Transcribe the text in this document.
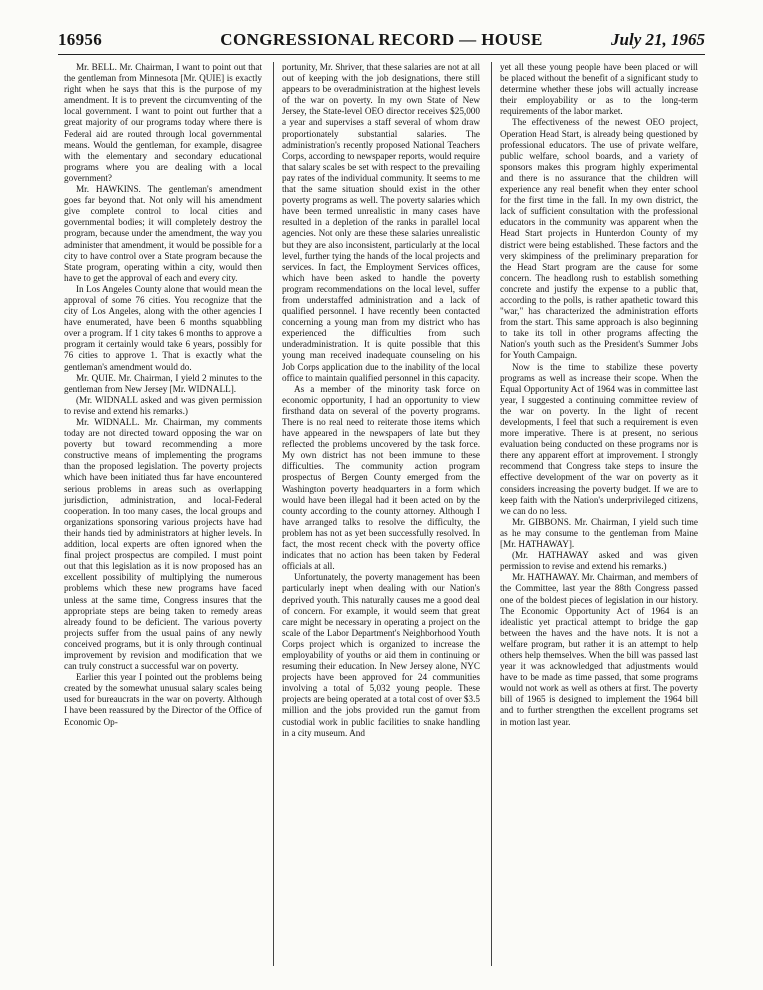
CONGRESSIONAL RECORD — HOUSE
16956	July 21, 1965

Mr. BELL. Mr. Chairman, I want to point out that the gentleman from Minnesota [Mr. QUIE] is exactly right when he says that this is the purpose of my amendment. It is to prevent the circumventing of the local government. I want to point out further that a great majority of our programs today where there is Federal aid are routed through local governmental means. Would the gentleman, for example, disagree with the elementary and secondary educational programs where you are dealing with a local government?

Mr. HAWKINS. The gentleman's amendment goes far beyond that. Not only will his amendment give complete control to local cities and governmental bodies; it will completely destroy the program, because under the amendment, the way you administer that amendment, it would be possible for a city to have control over a State program because the State program, operating within a city, would then have to get the approval of each and every city.

In Los Angeles County alone that would mean the approval of some 76 cities. You recognize that the city of Los Angeles, along with the other agencies I have enumerated, have been 6 months squabbling over a program. If 1 city takes 6 months to approve a program it certainly would take 6 years, possibly for 76 cities to approve 1. That is exactly what the gentleman's amendment would do.

Mr. QUIE. Mr. Chairman, I yield 2 minutes to the gentleman from New Jersey [Mr. WIDNALL].

(Mr. WIDNALL asked and was given permission to revise and extend his remarks.)

Mr. WIDNALL. Mr. Chairman, my comments today are not directed toward opposing the war on poverty but toward recommending a more constructive means of implementing the programs than the proposed legislation. The poverty projects which have been initiated thus far have encountered serious problems in areas such as overlapping jurisdiction, administration, and local-Federal cooperation. In too many cases, the local groups and organizations sponsoring various projects have had their hands tied by administrators at higher levels. In addition, local experts are often ignored when the final project prospectus are compiled. I must point out that this legislation as it is now proposed has an excellent possibility of multiplying the numerous problems which these new programs have faced unless at the same time, Congress insures that the appropriate steps are being taken to remedy areas already found to be deficient. The various poverty projects suffer from the usual pains of any newly conceived programs, but it is only through continual improvement by revision and modification that we can truly construct a successful war on poverty.

Earlier this year I pointed out the problems being created by the somewhat unusual salary scales being used for bureaucrats in the war on poverty. Although I have been reassured by the Director of the Office of Economic Op-

portunity, Mr. Shriver, that these salaries are not at all out of keeping with the job designations, there still appears to be overadministration at the highest levels of the war on poverty. In my own State of New Jersey, the State-level OEO director receives $25,000 a year and supervises a staff several of whom draw proportionately substantial salaries. The administration's recently proposed National Teachers Corps, according to newspaper reports, would require that salary scales be set with respect to the prevailing pay rates of the individual community. It seems to me that the same situation should exist in the other poverty programs as well. The poverty salaries which have been termed unrealistic in many cases have resulted in a depletion of the ranks in parallel local agencies. Not only are these these salaries unrealistic but they are also inconsistent, particularly at the local level, further tying the hands of the local projects and services. In fact, the Employment Services offices, which have been asked to handle the poverty program recommendations on the local level, suffer from understaffed administration and a lack of qualified personnel. I have recently been contacted concerning a young man from my district who has experienced the difficulties from such underadministration. It is quite possible that this young man received inadequate counseling on his Job Corps application due to the inability of the local office to maintain qualified personnel in this capacity.

As a member of the minority task force on economic opportunity, I had an opportunity to view firsthand data on several of the poverty programs. There is no real need to reiterate those items which have appeared in the newspapers of late but they reflected the problems uncovered by the task force. My own district has not been immune to these difficulties. The community action program prospectus of Bergen County emerged from the Washington poverty headquarters in a form which would have been illegal had it been acted on by the county according to the county attorney. Although I have arranged talks to resolve the difficulty, the problem has not as yet been successfully resolved. In fact, the most recent check with the poverty office indicates that no action has been taken by Federal officials at all.

Unfortunately, the poverty management has been particularly inept when dealing with our Nation's deprived youth. This naturally causes me a good deal of concern. For example, it would seem that great care might be necessary in operating a project on the scale of the Labor Department's Neighborhood Youth Corps project which is organized to increase the employability of youths or aid them in continuing or resuming their education. In New Jersey alone, NYC projects have been approved for 24 communities involving a total of 5,032 young people. These projects are being operated at a total cost of over $3.5 million and the jobs provided run the gamut from custodial work in public facilities to snake handling in a city museum. And

yet all these young people have been placed or will be placed without the benefit of a significant study to determine whether these jobs will actually increase their employability or as to the long-term requirements of the labor market.

The effectiveness of the newest OEO project, Operation Head Start, is already being questioned by professional educators. The use of private welfare, public welfare, school boards, and a variety of sponsors makes this program highly experimental and there is no assurance that the children will experience any real benefit when they enter school for the first time in the fall. In my own district, the lack of sufficient consultation with the professional educators in the community was apparent when the Head Start projects in Hunterdon County of my district were being established. These factors and the very skimpiness of the preliminary preparation for the Head Start program are the cause for some concern. The headlong rush to establish something concrete and justify the expense to a public that, according to the polls, is rather apathetic toward this "war," has characterized the administration efforts from the start. This same approach is also beginning to take its toll in other programs affecting the Nation's youth such as the President's Summer Jobs for Youth Campaign.

Now is the time to stabilize these poverty programs as well as increase their scope. When the Equal Opportunity Act of 1964 was in committee last year, I suggested a continuing committee review of the war on poverty. In the light of recent developments, I feel that such a requirement is even more imperative. There is at present, no serious evaluation being conducted on these programs nor is there any apparent effort at improvement. I strongly recommend that Congress take steps to insure the effective development of the war on poverty as it considers increasing the poverty budget. If we are to keep faith with the Nation's underprivileged citizens, we can do no less.

Mr. GIBBONS. Mr. Chairman, I yield such time as he may consume to the gentleman from Maine [Mr. HATHAWAY].

(Mr. HATHAWAY asked and was given permission to revise and extend his remarks.)

Mr. HATHAWAY. Mr. Chairman, and members of the Committee, last year the 88th Congress passed one of the boldest pieces of legislation in our history. The Economic Opportunity Act of 1964 is an idealistic yet practical attempt to bridge the gap between the haves and the have nots. It is not a welfare program, but rather it is an attempt to help others help themselves. When the bill was passed last year it was acknowledged that adjustments would have to be made as time passed, that some programs would not work as well as others at first. The poverty bill of 1965 is designed to implement the 1964 bill and to further strengthen the excellent programs set in motion last year.
